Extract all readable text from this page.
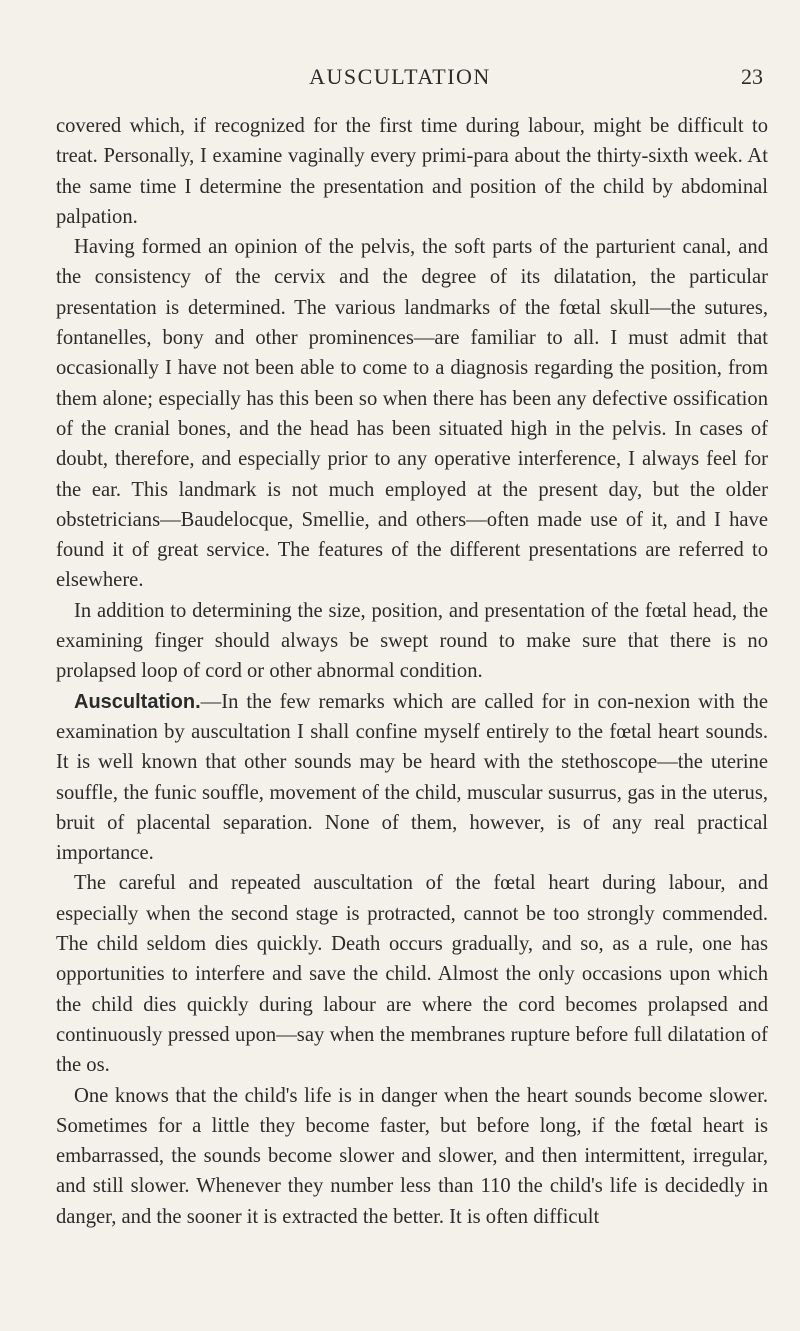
AUSCULTATION	23

covered which, if recognized for the first time during labour, might be difficult to treat. Personally, I examine vaginally every primi-para about the thirty-sixth week. At the same time I determine the presentation and position of the child by abdominal palpation.

Having formed an opinion of the pelvis, the soft parts of the parturient canal, and the consistency of the cervix and the degree of its dilatation, the particular presentation is determined. The various landmarks of the fœtal skull—the sutures, fontanelles, bony and other prominences—are familiar to all. I must admit that occasionally I have not been able to come to a diagnosis regarding the position, from them alone; especially has this been so when there has been any defective ossification of the cranial bones, and the head has been situated high in the pelvis. In cases of doubt, therefore, and especially prior to any operative interference, I always feel for the ear. This landmark is not much employed at the present day, but the older obstetricians—Baudelocque, Smellie, and others—often made use of it, and I have found it of great service. The features of the different presentations are referred to elsewhere.

In addition to determining the size, position, and presentation of the fœtal head, the examining finger should always be swept round to make sure that there is no prolapsed loop of cord or other abnormal condition.

Auscultation.—In the few remarks which are called for in con-nexion with the examination by auscultation I shall confine myself entirely to the fœtal heart sounds. It is well known that other sounds may be heard with the stethoscope—the uterine souffle, the funic souffle, movement of the child, muscular susurrus, gas in the uterus, bruit of placental separation. None of them, however, is of any real practical importance.

The careful and repeated auscultation of the fœtal heart during labour, and especially when the second stage is protracted, cannot be too strongly commended. The child seldom dies quickly. Death occurs gradually, and so, as a rule, one has opportunities to interfere and save the child. Almost the only occasions upon which the child dies quickly during labour are where the cord becomes prolapsed and continuously pressed upon—say when the membranes rupture before full dilatation of the os.

One knows that the child's life is in danger when the heart sounds become slower. Sometimes for a little they become faster, but before long, if the fœtal heart is embarrassed, the sounds become slower and slower, and then intermittent, irregular, and still slower. Whenever they number less than 110 the child's life is decidedly in danger, and the sooner it is extracted the better. It is often difficult
